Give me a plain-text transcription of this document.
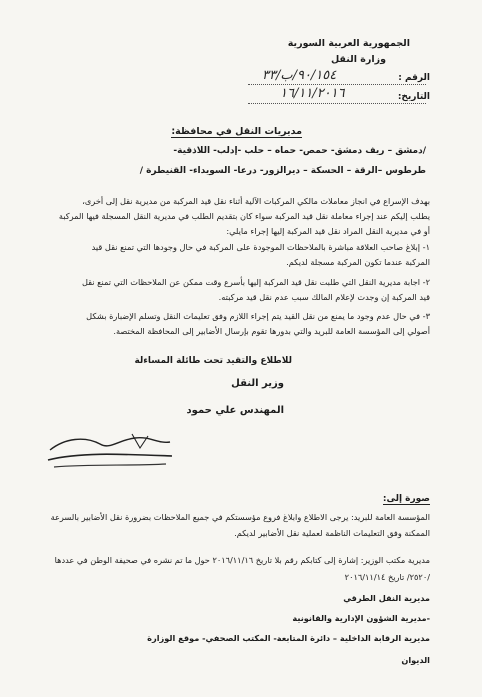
الجمهورية العربية السورية
وزارة النقل
الرقم :
٩٠/١٥٤/ب/٣٣
التاريخ:
١٦/١١/٢٠١٦
مديريات النقل في محافظة:
/دمشق – ريف دمشق- حمص- حماه – حلب -إدلب- اللاذقية-
طرطوس –الرقة – الحسكة – ديرالزور- درعا- السويداء- القنيطرة /
بهدف الإسراع في انجاز معاملات مالكي المركبات الآلية أثناء نقل قيد المركبة من مديرية نقل إلى أخرى،
يطلب إليكم عند إجراء معاملة نقل قيد المركبة سواء كان بتقديم الطلب في مديرية النقل المسجلة فيها المركبة
أو في مديرية النقل المراد نقل قيد المركبة إليها إجراء مايلي:
١- إبلاغ صاحب العلاقة مباشرة بالملاحظات الموجودة على المركبة في حال وجودها التي تمنع نقل قيد
المركبة عندما تكون المركبة مسجلة لديكم.
٢- اجابة مديرية النقل التي طلبت نقل قيد المركبة إليها بأسرع وقت ممكن عن الملاحظات التي تمنع نقل
قيد المركبة إن وجدت لإعلام المالك سبب عدم نقل قيد مركبته.
٣- في حال عدم وجود ما يمنع من نقل القيد يتم إجراء اللازم وفق تعليمات النقل وتسلم الإضبارة بشكل
أصولي إلى المؤسسة العامة للبريد والتي بدورها تقوم بإرسال الأضابير إلى المحافظة المختصة.
للاطلاع والتقيد تحت طائلة المساءلة
وزير النقل
المهندس علي حمود
صورة إلى:
المؤسسة العامة للبريد: يرجى الاطلاع وابلاغ فروع مؤسستكم في جميع الملاحظات بضرورة نقل الأضابير بالسرعة
الممكنة وفق التعليمات الناظمة لعملية نقل الأضابير لديكم.
مديرية مكتب الوزير: إشارة إلى كتابكم رقم بلا تاريخ ٢٠١٦/١١/١٦ حول ما تم نشره في صحيفة الوطن في عددها
/٢٥٢٠/ تاريخ ٢٠١٦/١١/١٤
مديرية النقل الطرقي
-مديرية الشؤون الإدارية والقانونية
مديرية الرقابة الداخلية – دائرة المتابعة- المكتب الصحفي- موقع الوزارة
الديوان
